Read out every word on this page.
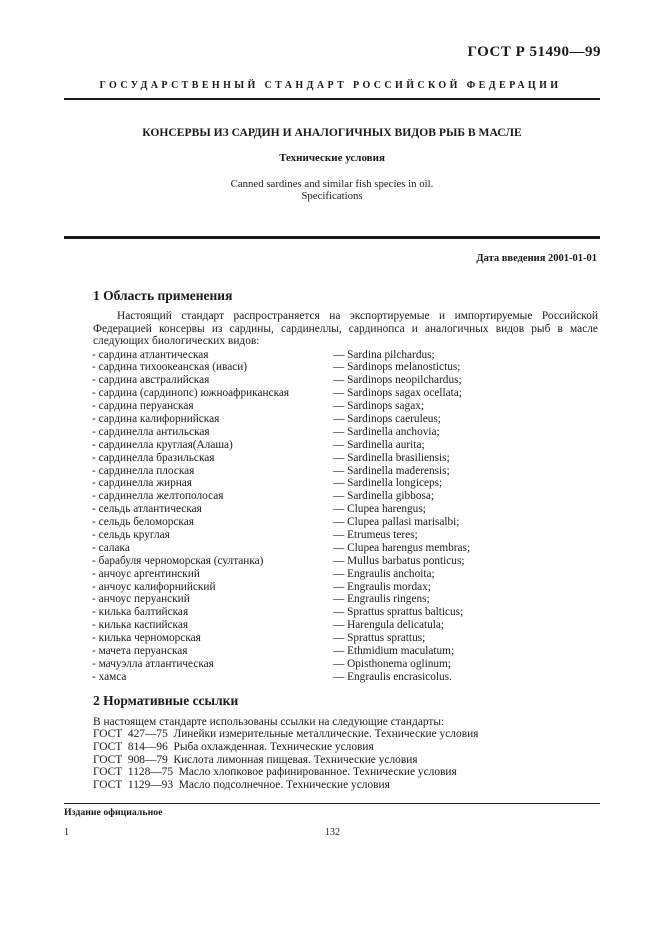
ГОСТ Р 51490—99
ГОСУДАРСТВЕННЫЙ СТАНДАРТ РОССИЙСКОЙ ФЕДЕРАЦИИ
КОНСЕРВЫ ИЗ САРДИН И АНАЛОГИЧНЫХ ВИДОВ РЫБ В МАСЛЕ
Технические условия
Canned sardines and similar fish species in oil.
Specifications
Дата введения 2001-01-01
1 Область применения
Настоящий стандарт распространяется на экспортируемые и импортируемые Российской Федерацией консервы из сардины, сардинеллы, сардинопса и аналогичных видов рыб в масле следующих биологических видов:
- сардина атлантическая	— Sardina pilchardus;
- сардина тихоокеанская (иваси)	— Sardinops melanostictus;
- сардина австралийская	— Sardinops neopilchardus;
- сардина (сардинопс) южноафриканская	— Sardinops sagax ocellata;
- сардина перуанская	— Sardinops sagax;
- сардина калифорнийская	— Sardinops caeruleus;
- сардинелла антильская	— Sardinella anchovia;
- сардинелла круглая(Алаша)	— Sardinella aurita;
- сардинелла бразильская	— Sardinella brasiliensis;
- сардинелла плоская	— Sardinella maderensis;
- сардинелла жирная	— Sardinella longiceps;
- сардинелла желтополосая	— Sardinella gibbosa;
- сельдь атлантическая	— Clupea harengus;
- сельдь беломорская	— Clupea pallasi marisalbi;
- сельдь круглая	— Etrumeus teres;
- салака	— Clupea harengus membras;
- барабуля черноморская (султанка)	— Mullus barbatus ponticus;
- анчоус аргентинский	— Engraulis anchoita;
- анчоус калифорнийский	— Engraulis mordax;
- анчоус перуанский	— Engraulis ringens;
- килька балтийская	— Sprattus sprattus balticus;
- килька каспийская	— Harengula delicatula;
- килька черноморская	— Sprattus sprattus;
- мачета перуанская	— Ethmidium maculatum;
- мачуэлла атлантическая	— Opisthonema oglinum;
- хамса	— Engraulis encrasicolus.
2 Нормативные ссылки
В настоящем стандарте использованы ссылки на следующие стандарты:
ГОСТ  427—75  Линейки измерительные металлические. Технические условия
ГОСТ  814—96  Рыба охлажденная. Технические условия
ГОСТ  908—79  Кислота лимонная пищевая. Технические условия
ГОСТ  1128—75  Масло хлопковое рафинированное. Технические условия
ГОСТ  1129—93  Масло подсолнечное. Технические условия
Издание официальное
1	132
